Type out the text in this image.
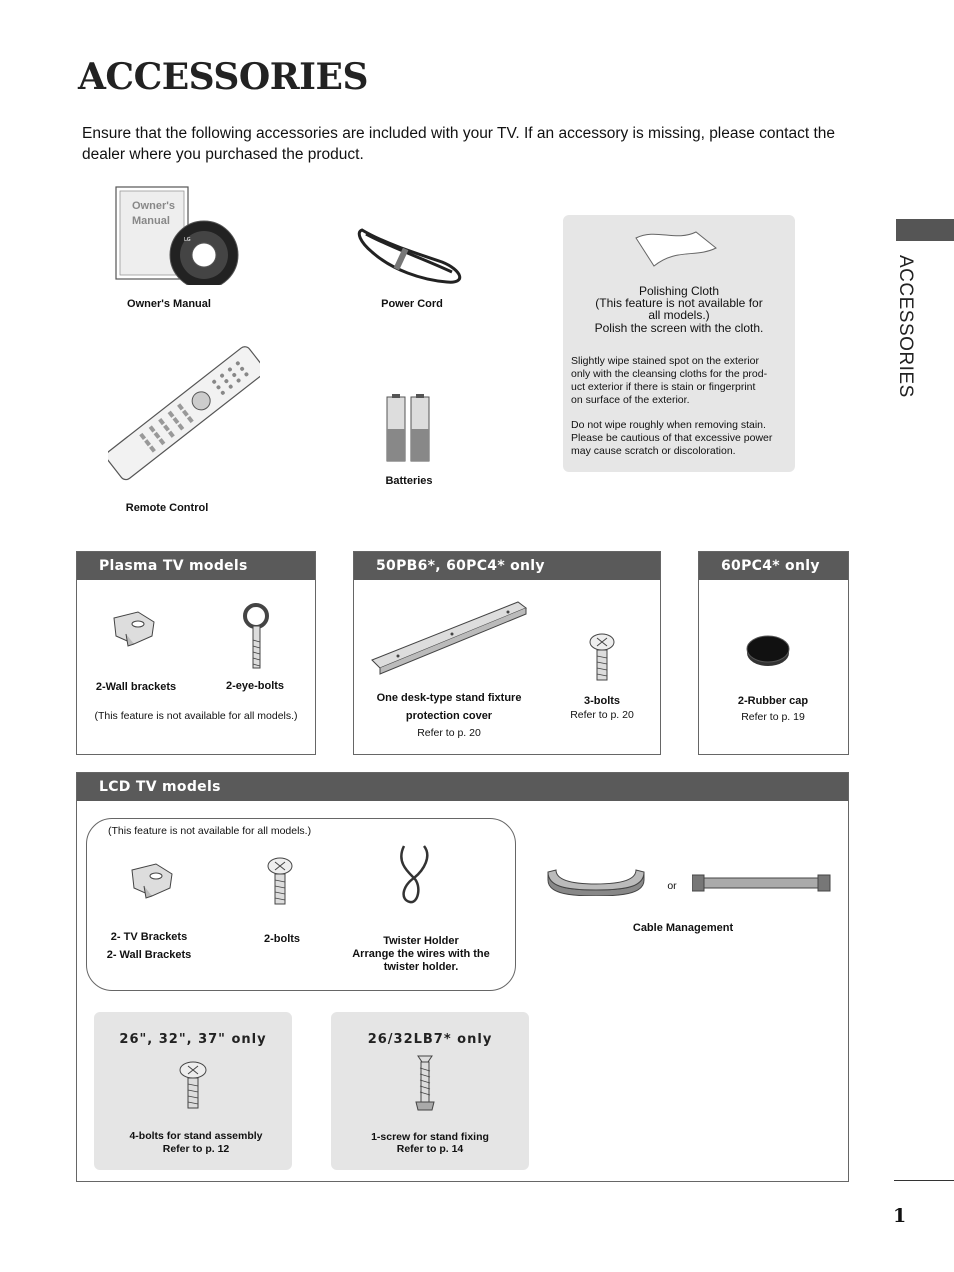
ACCESSORIES
Ensure that the following accessories are included with your TV. If an accessory is missing, please contact the dealer where you purchased the product.
ACCESSORIES
LG
Owner's Manual
Owner's Manual	Power Cord
Remote Control
Batteries
Polishing Cloth
(This feature is not available for
all models.)
Polish the screen with the cloth.
Slightly wipe stained spot on the exterior
only with the cleansing cloths for the prod-
uct exterior if there is stain or fingerprint
on surface of the exterior.
Do not wipe roughly when removing stain.
Please be cautious of that excessive power
may cause scratch or discoloration.
Plasma TV models
2-Wall brackets	2-eye-bolts
(This feature is not available for all models.)
50PB6*, 60PC4* only
One desk-type stand fixture
protection cover
Refer to p. 20
3-bolts
Refer to p. 20
60PC4* only
2-Rubber cap
Refer to p. 19
LCD TV models
(This feature is not available for all models.)
2- TV Brackets
2- Wall Brackets
2-bolts	Twister Holder
Arrange the wires with the
twister holder.
or
Cable Management
26", 32", 37" only
4-bolts for stand assembly
Refer to p. 12
26/32LB7* only
1-screw for stand fixing
Refer to p. 14
1
